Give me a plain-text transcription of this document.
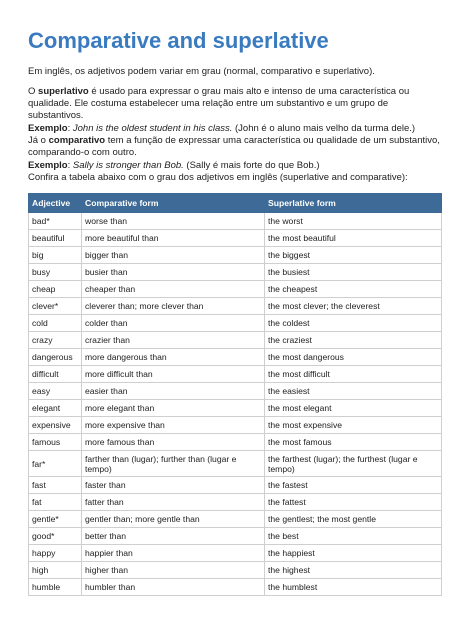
Comparative and superlative
Em inglês, os adjetivos podem variar em grau (normal, comparativo e superlativo).
O superlativo é usado para expressar o grau mais alto e intenso de uma característica ou qualidade. Ele costuma estabelecer uma relação entre um substantivo e um grupo de substantivos.
Exemplo: John is the oldest student in his class. (John é o aluno mais velho da turma dele.)
Já o comparativo tem a função de expressar uma característica ou qualidade de um substantivo, comparando-o com outro.
Exemplo: Sally is stronger than Bob. (Sally é mais forte do que Bob.)
Confira a tabela abaixo com o grau dos adjetivos em inglês (superlative and comparative):
Adjective	Comparative form	Superlative form
bad*	worse than	the worst
beautiful	more beautiful than	the most beautiful
big	bigger than	the biggest
busy	busier than	the busiest
cheap	cheaper than	the cheapest
clever*	cleverer than; more clever than	the most clever; the cleverest
cold	colder than	the coldest
crazy	crazier than	the craziest
dangerous	more dangerous than	the most dangerous
difficult	more difficult than	the most difficult
easy	easier than	the easiest
elegant	more elegant than	the most elegant
expensive	more expensive than	the most expensive
famous	more famous than	the most famous
far*	farther than (lugar); further than (lugar e tempo)	the farthest (lugar); the furthest (lugar e tempo)
fast	faster than	the fastest
fat	fatter than	the fattest
gentle*	gentler than; more gentle than	the gentlest; the most gentle
good*	better than	the best
happy	happier than	the happiest
high	higher than	the highest
humble	humbler than	the humblest
